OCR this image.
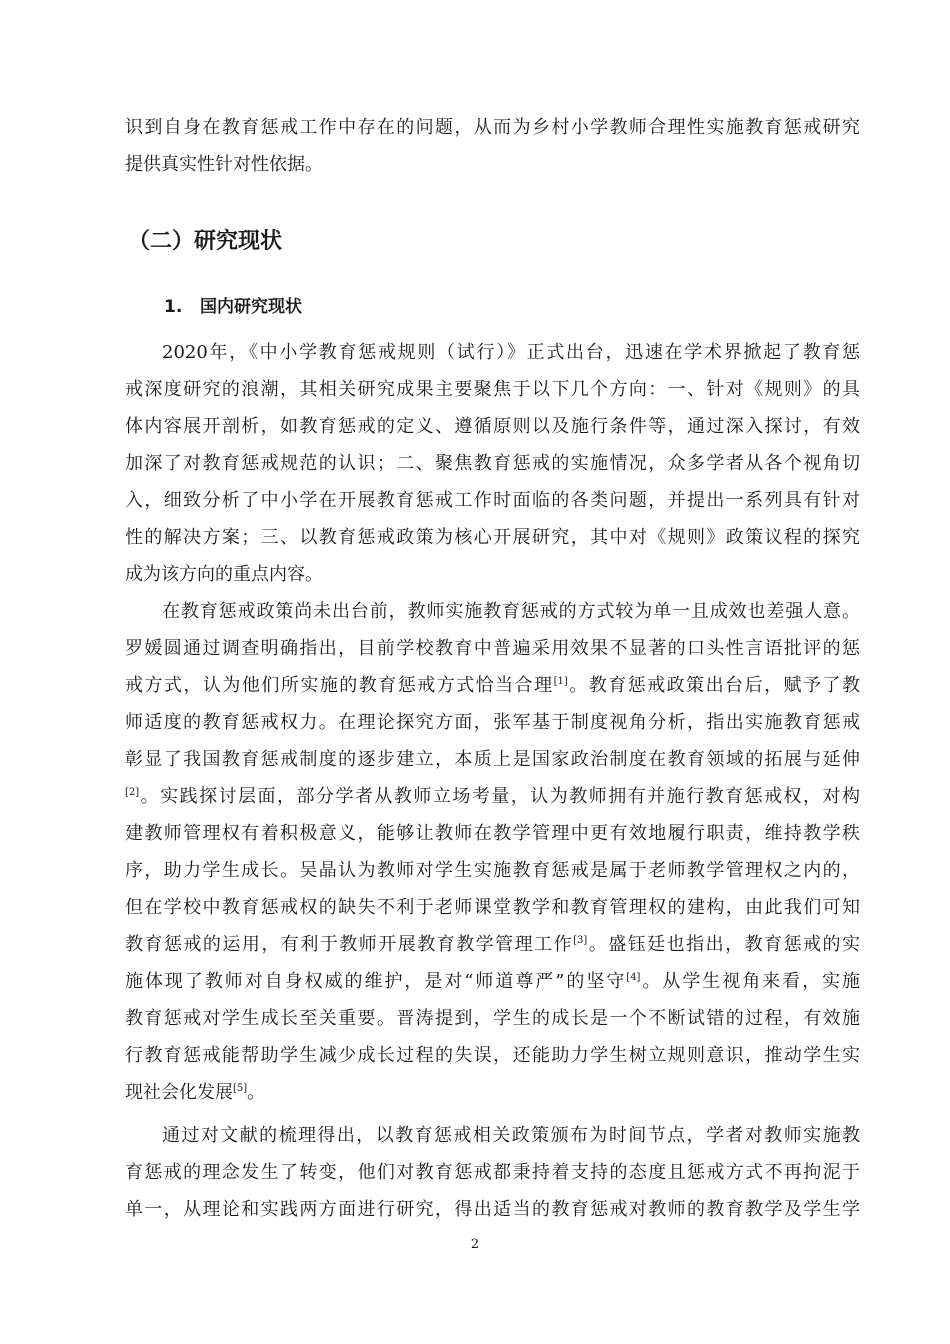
识到自身在教育惩戒工作中存在的问题，从而为乡村小学教师合理性实施教育惩戒研究
提供真实性针对性依据。
（二）研究现状
1. 国内研究现状
2020年，《中小学教育惩戒规则（试行）》正式出台，迅速在学术界掀起了教育惩
戒深度研究的浪潮，其相关研究成果主要聚焦于以下几个方向：一、针对《规则》的具
体内容展开剖析，如教育惩戒的定义、遵循原则以及施行条件等，通过深入探讨，有效
加深了对教育惩戒规范的认识；二、聚焦教育惩戒的实施情况，众多学者从各个视角切
入，细致分析了中小学在开展教育惩戒工作时面临的各类问题，并提出一系列具有针对
性的解决方案；三、以教育惩戒政策为核心开展研究，其中对《规则》政策议程的探究
成为该方向的重点内容。
在教育惩戒政策尚未出台前，教师实施教育惩戒的方式较为单一且成效也差强人意。
罗媛圆通过调查明确指出，目前学校教育中普遍采用效果不显著的口头性言语批评的惩
戒方式，认为他们所实施的教育惩戒方式恰当合理[1]。教育惩戒政策出台后，赋予了教
师适度的教育惩戒权力。在理论探究方面，张军基于制度视角分析，指出实施教育惩戒
彰显了我国教育惩戒制度的逐步建立，本质上是国家政治制度在教育领域的拓展与延伸
[2]。实践探讨层面，部分学者从教师立场考量，认为教师拥有并施行教育惩戒权，对构
建教师管理权有着积极意义，能够让教师在教学管理中更有效地履行职责，维持教学秩
序，助力学生成长。吴晶认为教师对学生实施教育惩戒是属于老师教学管理权之内的，
但在学校中教育惩戒权的缺失不利于老师课堂教学和教育管理权的建构，由此我们可知
教育惩戒的运用，有利于教师开展教育教学管理工作[3]。盛钰廷也指出，教育惩戒的实
施体现了教师对自身权威的维护，是对“师道尊严”的坚守[4]。从学生视角来看，实施
教育惩戒对学生成长至关重要。晋涛提到，学生的成长是一个不断试错的过程，有效施
行教育惩戒能帮助学生减少成长过程的失误，还能助力学生树立规则意识，推动学生实
现社会化发展[5]。
通过对文献的梳理得出，以教育惩戒相关政策颁布为时间节点，学者对教师实施教
育惩戒的理念发生了转变，他们对教育惩戒都秉持着支持的态度且惩戒方式不再拘泥于
单一，从理论和实践两方面进行研究，得出适当的教育惩戒对教师的教育教学及学生学
2
